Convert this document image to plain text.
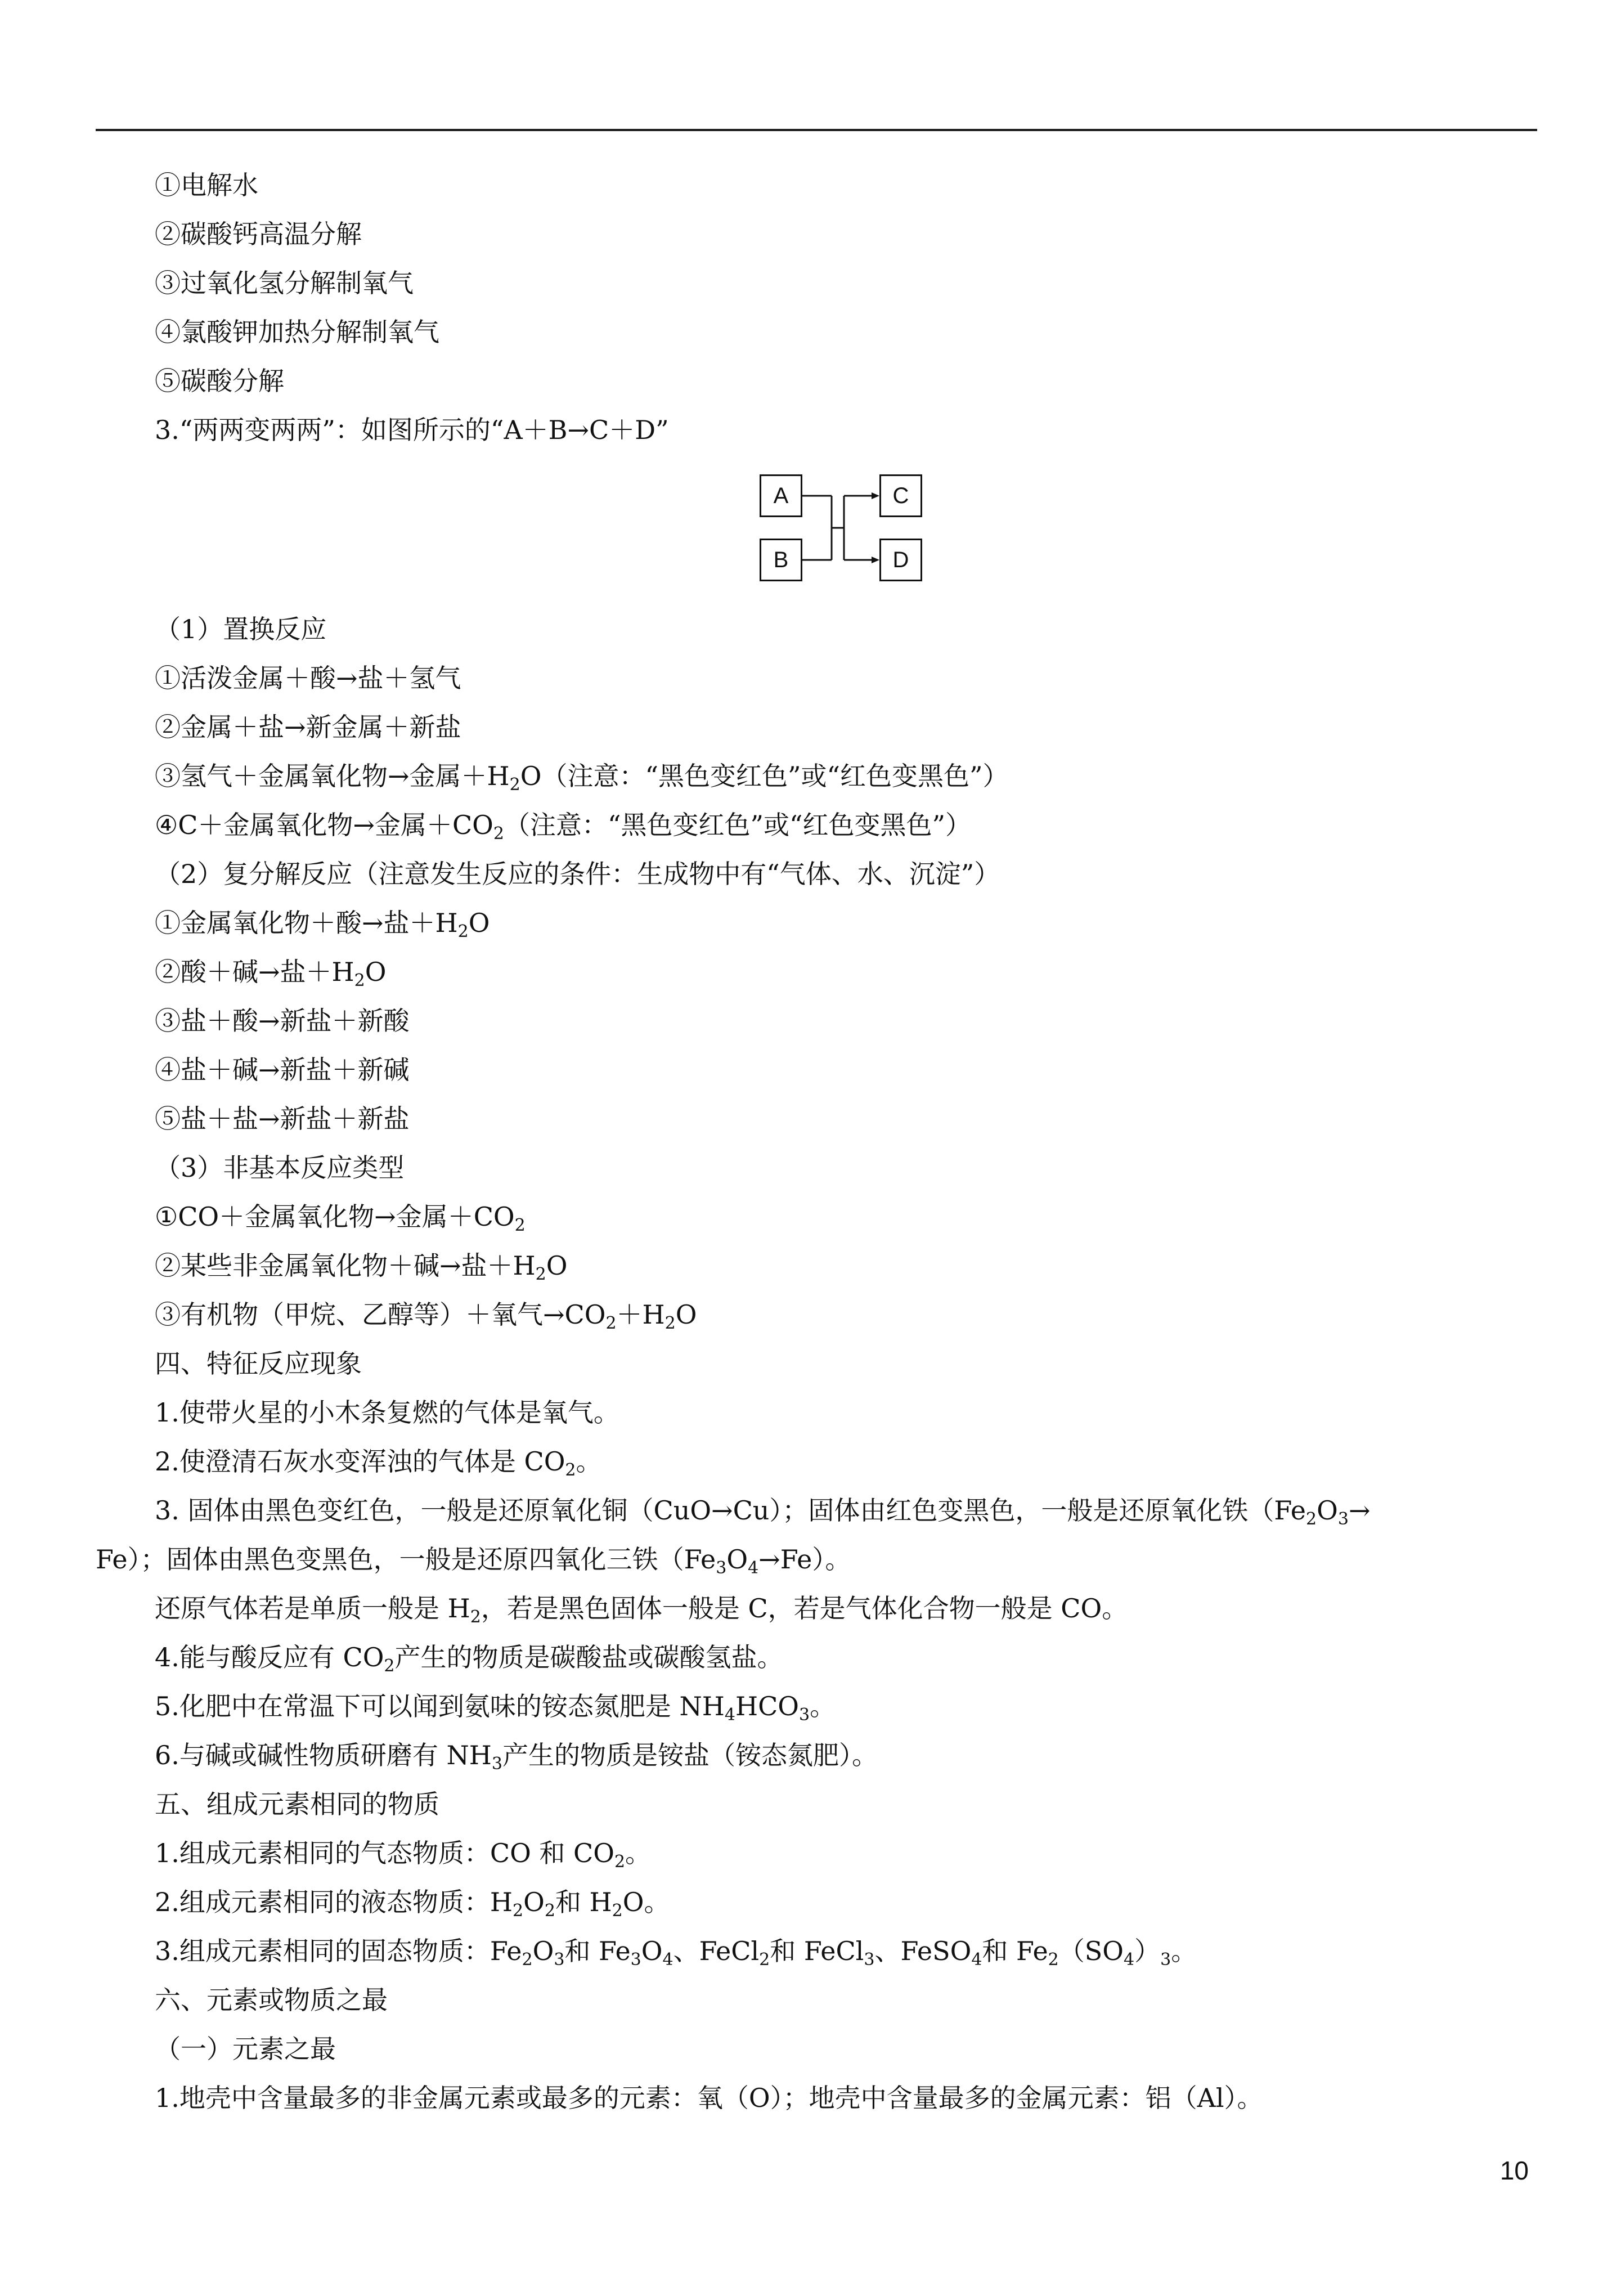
①电解水
②碳酸钙高温分解
③过氧化氢分解制氧气
④氯酸钾加热分解制氧气
⑤碳酸分解
3.“两两变两两”：如图所示的“A＋B→C＋D”
A
B
C
D
（1）置换反应
①活泼金属＋酸→盐＋氢气
②金属＋盐→新金属＋新盐
③氢气＋金属氧化物→金属$+H_2O$（注意：“黑色变红色”或“红色变黑色”）
④C＋金属氧化物→金属$+CO_2$（注意：“黑色变红色”或“红色变黑色”）
（2）复分解反应（注意发生反应的条件：生成物中有“气体、水、沉淀”）
①金属氧化物＋酸→盐$+H_2O$
②酸＋碱→盐$+H_2O$
③盐＋酸→新盐＋新酸
④盐＋碱→新盐＋新碱
⑤盐＋盐→新盐＋新盐
（3）非基本反应类型
①CO＋金属氧化物→金属$+CO_2$
②某些非金属氧化物＋碱→盐$+H_2O$
③有机物（甲烷、乙醇等）＋氧气$\to CO_2+H_2O$
四、特征反应现象
1.使带火星的小木条复燃的气体是氧气。
2.使澄清石灰水变浑浊的气体是 $CO_2$。
3. 固体由黑色变红色，一般是还原氧化铜（CuO→Cu）；固体由红色变黑色，一般是还原氧化铁（$Fe_2O_3\to$
Fe）；固体由黑色变黑色，一般是还原四氧化三铁$(Fe_3O_4\to Fe)$。
还原气体若是单质一般是 $H_2$，若是黑色固体一般是 C，若是气体化合物一般是 CO。
4.能与酸反应有 $CO_2$产生的物质是碳酸盐或碳酸氢盐。
5.化肥中在常温下可以闻到氨味的铵态氮肥是 $NH_4HCO_3$。
6.与碱或碱性物质研磨有 $NH_3$产生的物质是铵盐（铵态氮肥）。
五、组成元素相同的物质
1.组成元素相同的气态物质：CO 和 $CO_2$。
2.组成元素相同的液态物质：$H_2O_2$和 $H_2O$。
3.组成元素相同的固态物质：$Fe_2O_3$和 $Fe_3O_4$、FeCl$_2$和 FeCl$_3$、FeSO$_4$和 $Fe_2(SO_4)_3$。
六、元素或物质之最
（一）元素之最
1.地壳中含量最多的非金属元素或最多的元素：氧（O）；地壳中含量最多的金属元素：铝（Al）。
10
